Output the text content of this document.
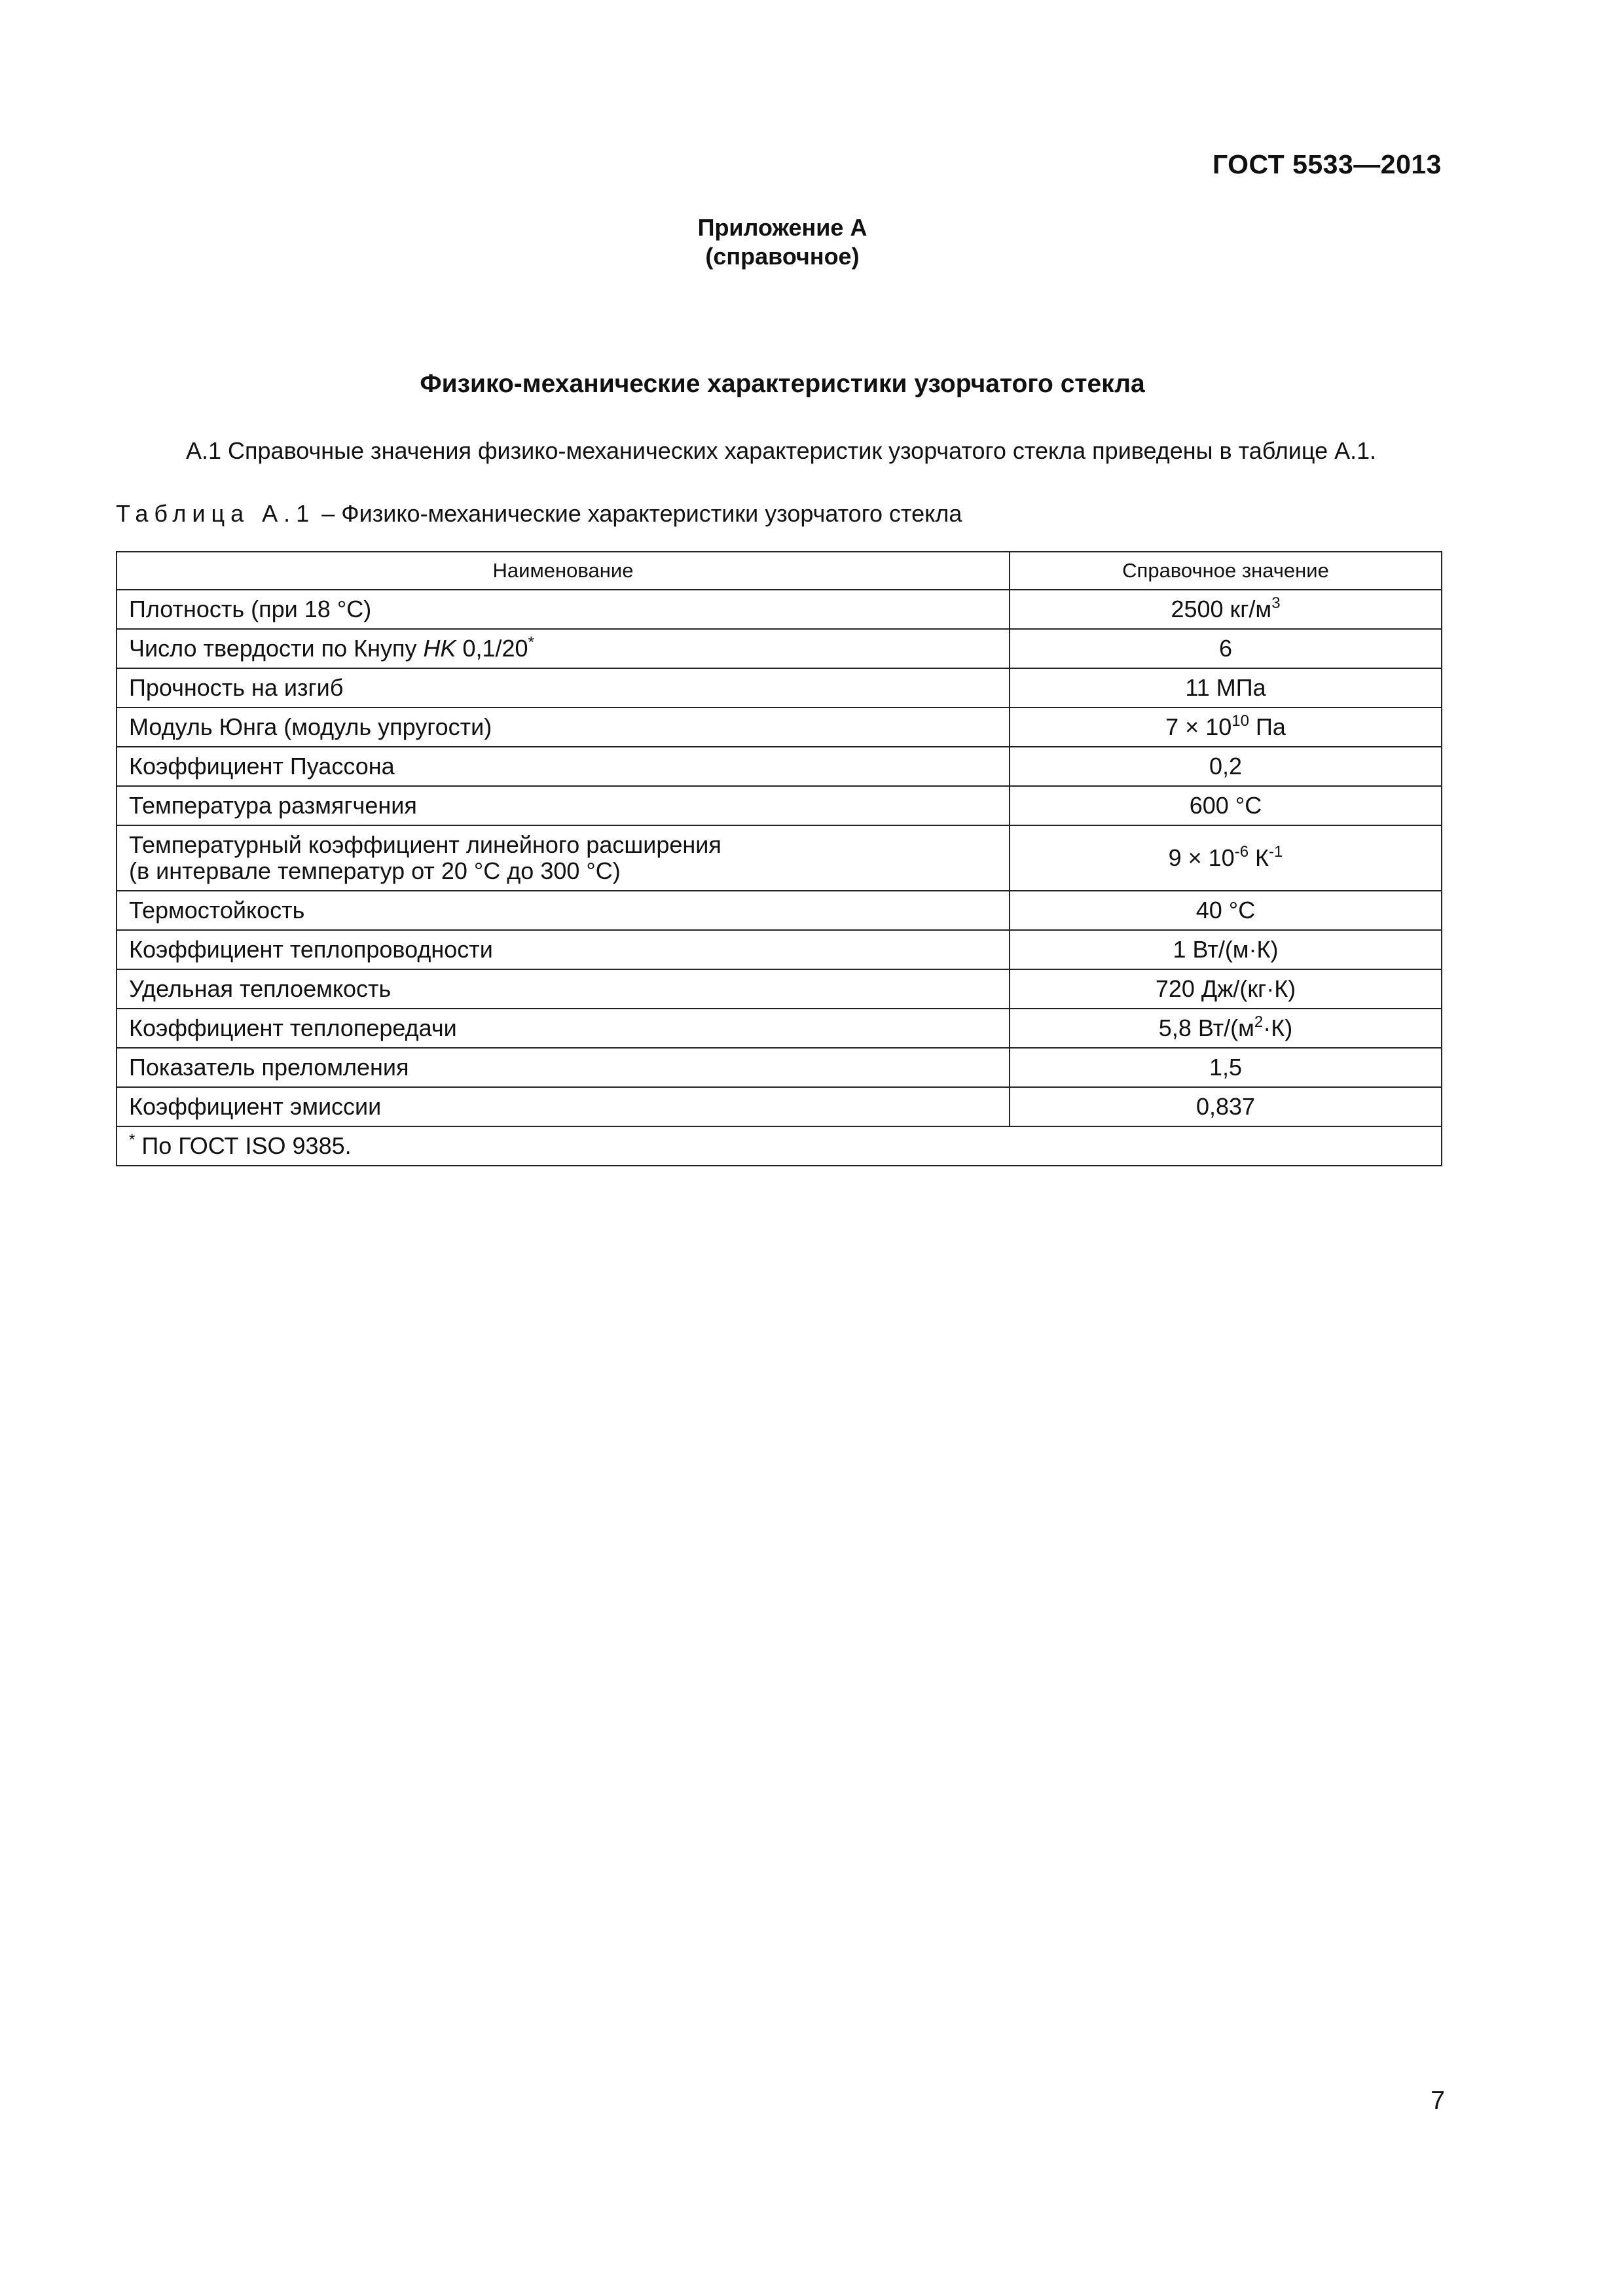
ГОСТ 5533—2013
Приложение А
(справочное)
Физико-механические характеристики узорчатого стекла
А.1 Справочные значения физико-механических характеристик узорчатого стекла приведены в таблице А.1.
Таблица А.1 – Физико-механические характеристики узорчатого стекла
Наименование	Справочное значение
Плотность (при 18 °С)	2500 $кг/м^3$
Число твердости по Кнупу HK 0,1/20*	6
Прочность на изгиб	11 МПа
Модуль Юнга (модуль упругости)	$7 \times 10^{10}$ Па
Коэффициент Пуассона	0,2
Температура размягчения	600 °С

Температурный коэффициент линейного расширения
(в интервале температур от 20 °С до 300 °С)	$9 \times 10^{-6}$ $К^{-1}$
Термостойкость	40 °С
Коэффициент теплопроводности	1 Вт/(м·К)
Удельная теплоемкость	720 Дж/(кг·К)
Коэффициент теплопередачи	5,8 $Вт/(м^2\cdot К)$
Показатель преломления	1,5
Коэффициент эмиссии	0,837
* По ГОСТ ISO 9385.	
7
